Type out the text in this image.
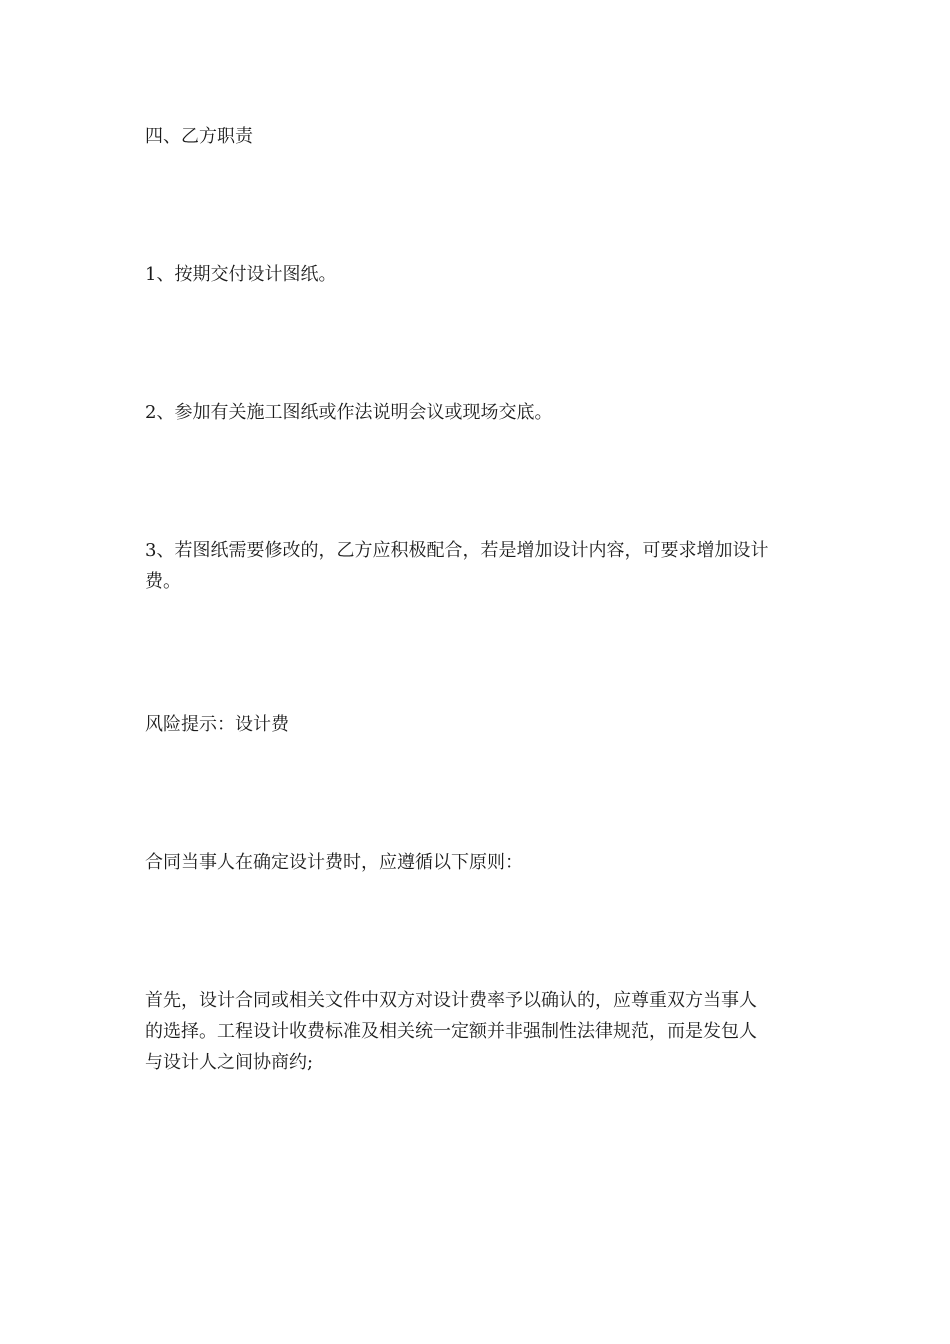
四、乙方职责

1、按期交付设计图纸。

2、参加有关施工图纸或作法说明会议或现场交底。

3、若图纸需要修改的，乙方应积极配合，若是增加设计内容，可要求增加设计
费。

风险提示：设计费

合同当事人在确定设计费时，应遵循以下原则：

首先，设计合同或相关文件中双方对设计费率予以确认的，应尊重双方当事人
的选择。工程设计收费标准及相关统一定额并非强制性法律规范，而是发包人
与设计人之间协商约;
